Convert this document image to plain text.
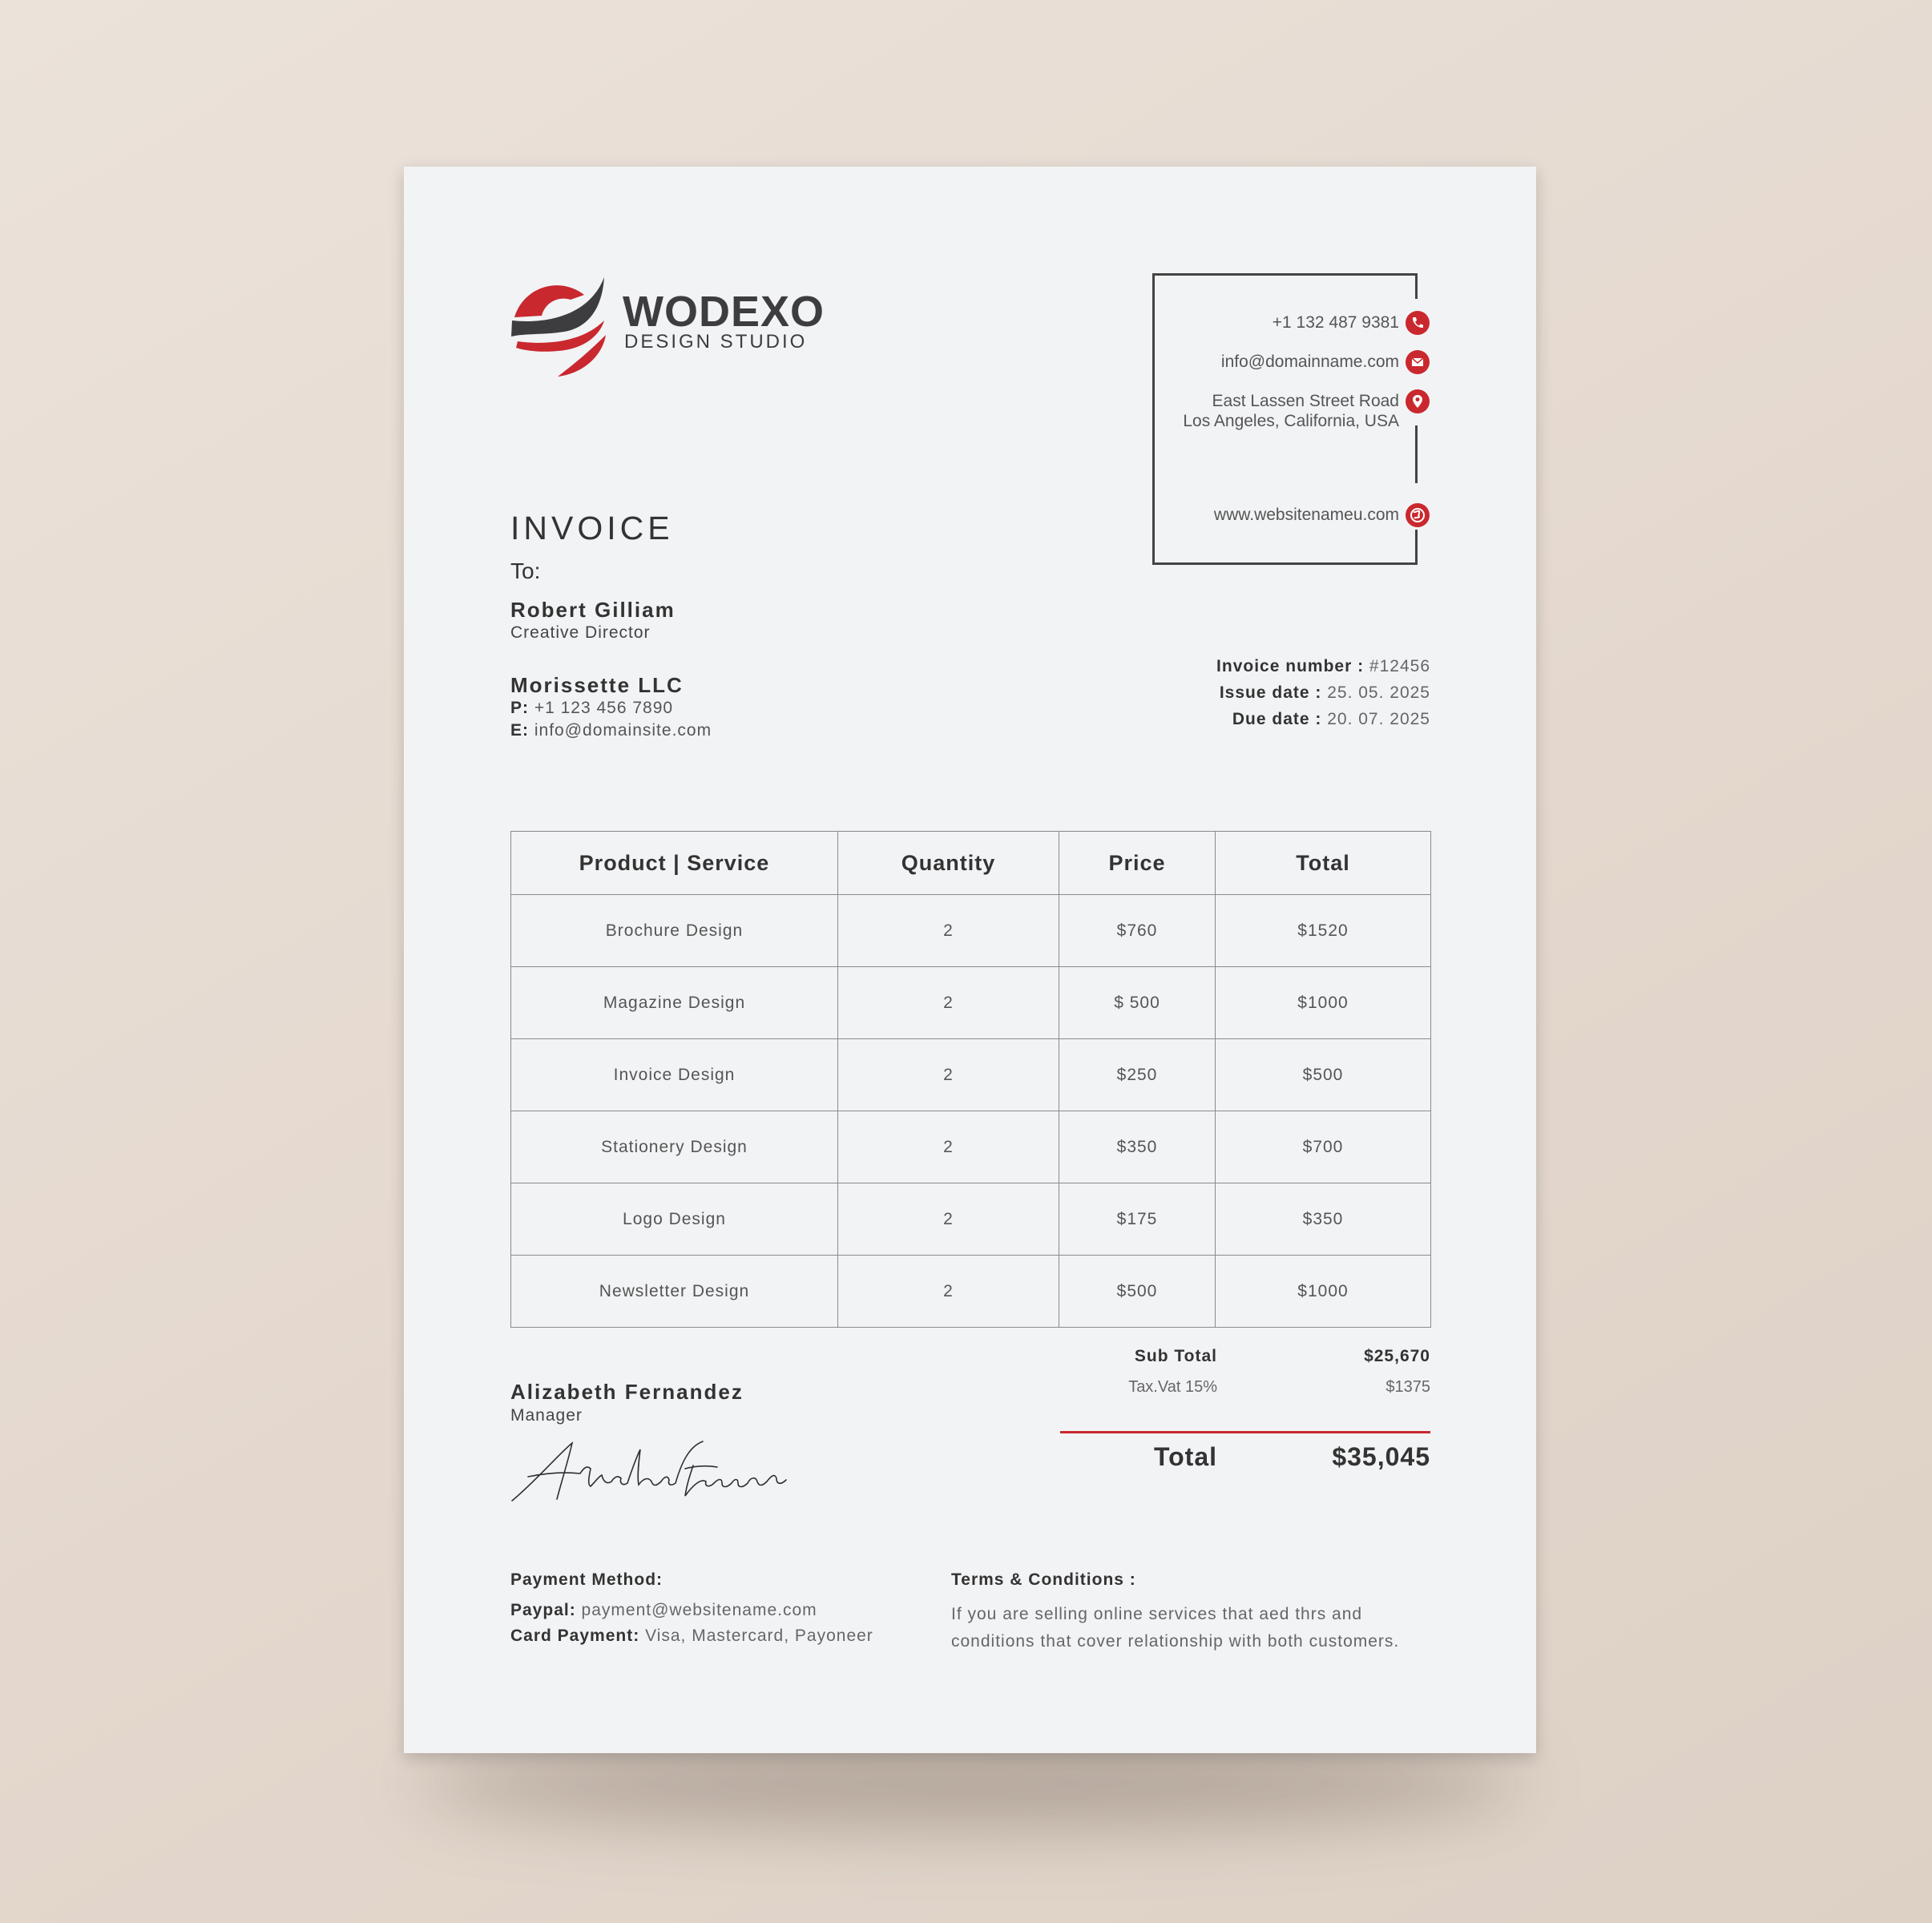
WODEXO
DESIGN STUDIO
+1 132 487 9381
info@domainname.com
East Lassen Street Road
Los Angeles, California, USA
www.websitenameu.com
INVOICE
To:
Robert Gilliam
Creative Director
Morissette LLC
P: +1 123 456 7890
E: info@domainsite.com
Invoice number : #12456
Issue date : 25. 05. 2025
Due date : 20. 07. 2025
Product | Service	Quantity	Price	Total
Brochure Design	2	$760	$1520
Magazine Design	2	$ 500	$1000
Invoice Design	2	$250	$500
Stationery Design	2	$350	$700
Logo Design	2	$175	$350
Newsletter Design	2	$500	$1000
Sub Total	$25,670
Tax.Vat 15%	$1375
Total	$35,045
Alizabeth Fernandez
Manager
Payment Method:
Paypal: payment@websitename.com
Card Payment: Visa, Mastercard, Payoneer
Terms & Conditions :
If you are selling online services that aed thrs and conditions that cover relationship with both customers.
